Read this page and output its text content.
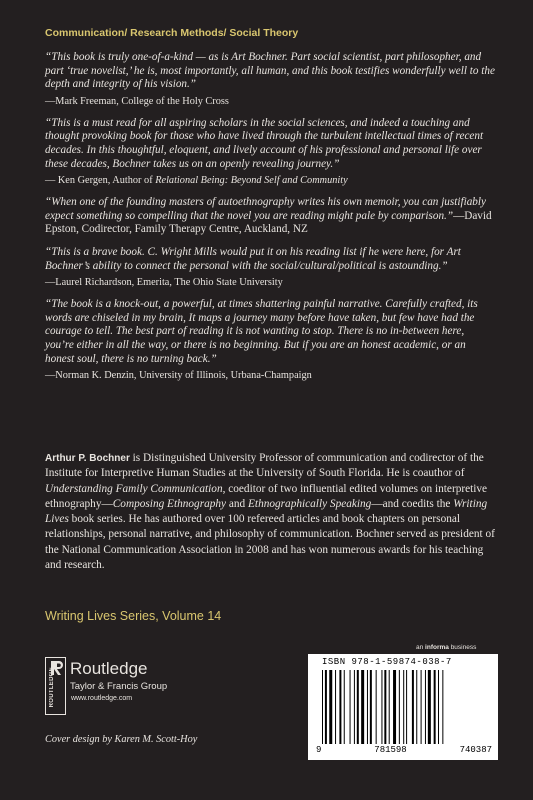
Communication/ Research Methods/ Social Theory

“This book is truly one-of-a-kind — as is Art Bochner. Part social scientist, part philosopher, and part ‘true novelist,’ he is, most importantly, all human, and this book testifies wonderfully well to the depth and integrity of his vision.”

—Mark Freeman, College of the Holy Cross

“This is a must read for all aspiring scholars in the social sciences, and indeed a touching and thought provoking book for those who have lived through the turbulent intellectual times of recent decades. In this thoughtful, eloquent, and lively account of his professional and personal life over these decades, Bochner takes us on an openly revealing journey.”

— Ken Gergen, Author of Relational Being: Beyond Self and Community

“When one of the founding masters of autoethnography writes his own memoir, you can justifiably expect something so compelling that the novel you are reading might pale by comparison.”—David Epston, Codirector, Family Therapy Centre, Auckland, NZ

“This is a brave book. C. Wright Mills would put it on his reading list if he were here, for Art Bochner’s ability to connect the personal with the social/cultural/political is astounding.”

—Laurel Richardson, Emerita, The Ohio State University

“The book is a knock-out, a powerful, at times shattering painful narrative. Carefully crafted, its words are chiseled in my brain, It maps a journey many before have taken, but few have had the courage to tell. The best part of reading it is not wanting to stop. There is no in-between here, you’re either in all the way, or there is no beginning. But if you are an honest academic, or an honest soul, there is no turning back.”

—Norman K. Denzin, University of Illinois, Urbana-Champaign

Arthur P. Bochner is Distinguished University Professor of communication and codirector of the Institute for Interpretive Human Studies at the University of South Florida. He is coauthor of Understanding Family Communication, coeditor of two influential edited volumes on interpretive ethnography—Composing Ethnography and Ethnographically Speaking—and coedits the Writing Lives book series. He has authored over 100 refereed articles and book chapters on personal relationships, personal narrative, and philosophy of communication. Bochner served as president of the National Communication Association in 2008 and has won numerous awards for his teaching and research.

Writing Lives Series, Volume 14
an informa business
ROUTLEDGE Routledge
Taylor & Francis Group
www.routledge.com
ISBN 978-1-59874-038-7
9	781598	740387
Cover design by Karen M. Scott-Hoy
